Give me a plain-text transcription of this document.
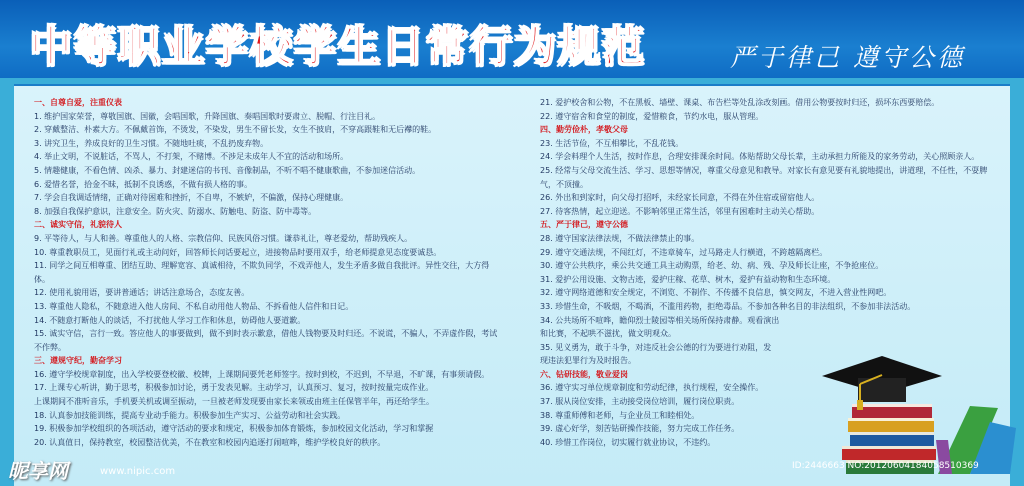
中等职业学校学生日常行为规范	严于律己 遵守公德

一、自尊自爱，注重仪表

1. 维护国家荣誉，尊敬国旗、国徽，会唱国歌，升降国旗、奏唱国歌时要肃立、脱帽、行注目礼。

2. 穿戴整洁、朴素大方。不佩戴首饰，不烫发，不染发，男生不留长发，女生不披肩，不穿高跟鞋和无后襻的鞋。

3. 讲究卫生，养成良好的卫生习惯。不随地吐痰，不乱扔废弃物。

4. 举止文明，不说脏话，不骂人，不打架，不赌博。不涉足未成年人不宜的活动和场所。

5. 情趣健康，不看色情、凶杀、暴力、封建迷信的书刊、音像制品，不听不唱不健康歌曲，不参加迷信活动。

6. 爱惜名誉，拾金不昧，抵制不良诱惑，不做有损人格的事。

7. 学会自我调适情绪，正确对待困难和挫折，不自卑，不嫉妒，不偏激，保持心理健康。

8. 加强自我保护意识，注意安全。防火灾、防溺水、防触电、防盗、防中毒等。

二、诚实守信，礼貌待人

9. 平等待人，与人和善。尊重他人的人格、宗教信仰、民族风俗习惯。谦恭礼让，尊老爱幼，帮助残疾人。

10. 尊重教职员工，见面行礼或主动问好，回答师长问话要起立，进接物品时要用双手，给老师提意见态度要诚恳。

11. 同学之间互相尊重、团结互助、理解宽容、真诚相待，不欺负同学，不戏弄他人，发生矛盾多做自我批评。异性交往，大方得体。

12. 使用礼貌用语，要讲普通话；讲话注意场合，态度友善。

13. 尊重他人隐私，不随意进入他人房间、不私自动用他人物品、不拆看他人信件和日记。

14. 不随意打断他人的谈话，不打扰他人学习工作和休息，妨碍他人要道歉。

15. 诚实守信，言行一致。答应他人的事要做到，做不到时表示歉意，借他人钱物要及时归还。不说谎，不骗人，不弄虚作假，考试不作弊。

三、遵规守纪，勤奋学习

16. 遵守学校规章制度，出入学校要登校徽、校牌，上课期间要凭老师签字。按时到校，不迟到，不早退，不旷课，有事须请假。

17. 上课专心听讲，勤于思考，积极参加讨论，勇于发表见解。主动学习，认真预习、复习，按时按量完成作业。

上课期间不准听音乐，手机要关机或调至振动，一旦被老师发现要由家长来领或由班主任保管半年，再还给学生。

18. 认真参加技能训练，提高专业动手能力。积极参加生产实习、公益劳动和社会实践。

19. 积极参加学校组织的各项活动，遵守活动的要求和规定，积极参加体育锻炼，参加校园文化活动，学习和掌握

20. 认真值日，保持教室，校园整洁优美，不在教室和校园内追逐打闹喧哗，维护学校良好的秩序。

21. 爱护校舍和公物，不在黑板、墙壁、课桌、布告栏等处乱涂改刻画。借用公物要按时归还，损坏东西要赔偿。

22. 遵守宿舍和食堂的制度，爱惜粮食，节约水电，服从管理。

四、勤劳俭朴，孝敬父母

23. 生活节俭，不互相攀比，不乱花钱。

24. 学会料理个人生活，按时作息，合理安排课余时间。体贴帮助父母长辈，主动承担力所能及的家务劳动，关心照顾亲人。

25. 经常与父母交流生活、学习、思想等情况，尊重父母意见和教导。对家长有意见要有礼貌地提出，讲道理，不任性，不耍脾气，不顶撞。

26. 外出和到家时，向父母打招呼，未经家长同意，不得在外住宿或留宿他人。

27. 待客热情，起立迎送。不影响邻里正常生活，邻里有困难时主动关心帮助。

五、严于律己，遵守公德

28. 遵守国家法律法规，不做法律禁止的事。

29. 遵守交通法规，不闯红灯，不违章骑车，过马路走人行横道，不跨越隔离栏。

30. 遵守公共秩序，乘公共交通工具主动购票，给老、幼、病、残、孕及师长让座，不争抢座位。

31. 爱护公用设施、文物古迹，爱护庄稼、花草、树木，爱护有益动物和生态环境。

32. 遵守网络道德和安全规定，不浏览、不制作、不传播不良信息，慎交网友，不进入营业性网吧。

33. 珍惜生命，不吸烟，不喝酒，不滥用药物，拒绝毒品。不参加各种名目的非法组织，不参加非法活动。

34. 公共场所不喧哗，瞻仰烈士陵园等相关场所保持肃静。观看演出

和比赛，不起哄不滋扰，做文明观众。

35. 见义勇为，敢于斗争，对违反社会公德的行为要进行劝阻，发

现违法犯罪行为及时报告。

六、钻研技能，敬业爱岗

36. 遵守实习单位规章制度和劳动纪律，执行规程，安全操作。

37. 服从岗位安排，主动接受岗位培训，履行岗位职责。

38. 尊重师傅和老师，与企业员工和睦相处。

39. 虚心好学，刻苦钻研操作技能，努力完成工作任务。

40. 珍惜工作岗位，切实履行就业协议，不违约。

昵享网	www.nipic.com	ID:2446663 NO:20120604184058510369
